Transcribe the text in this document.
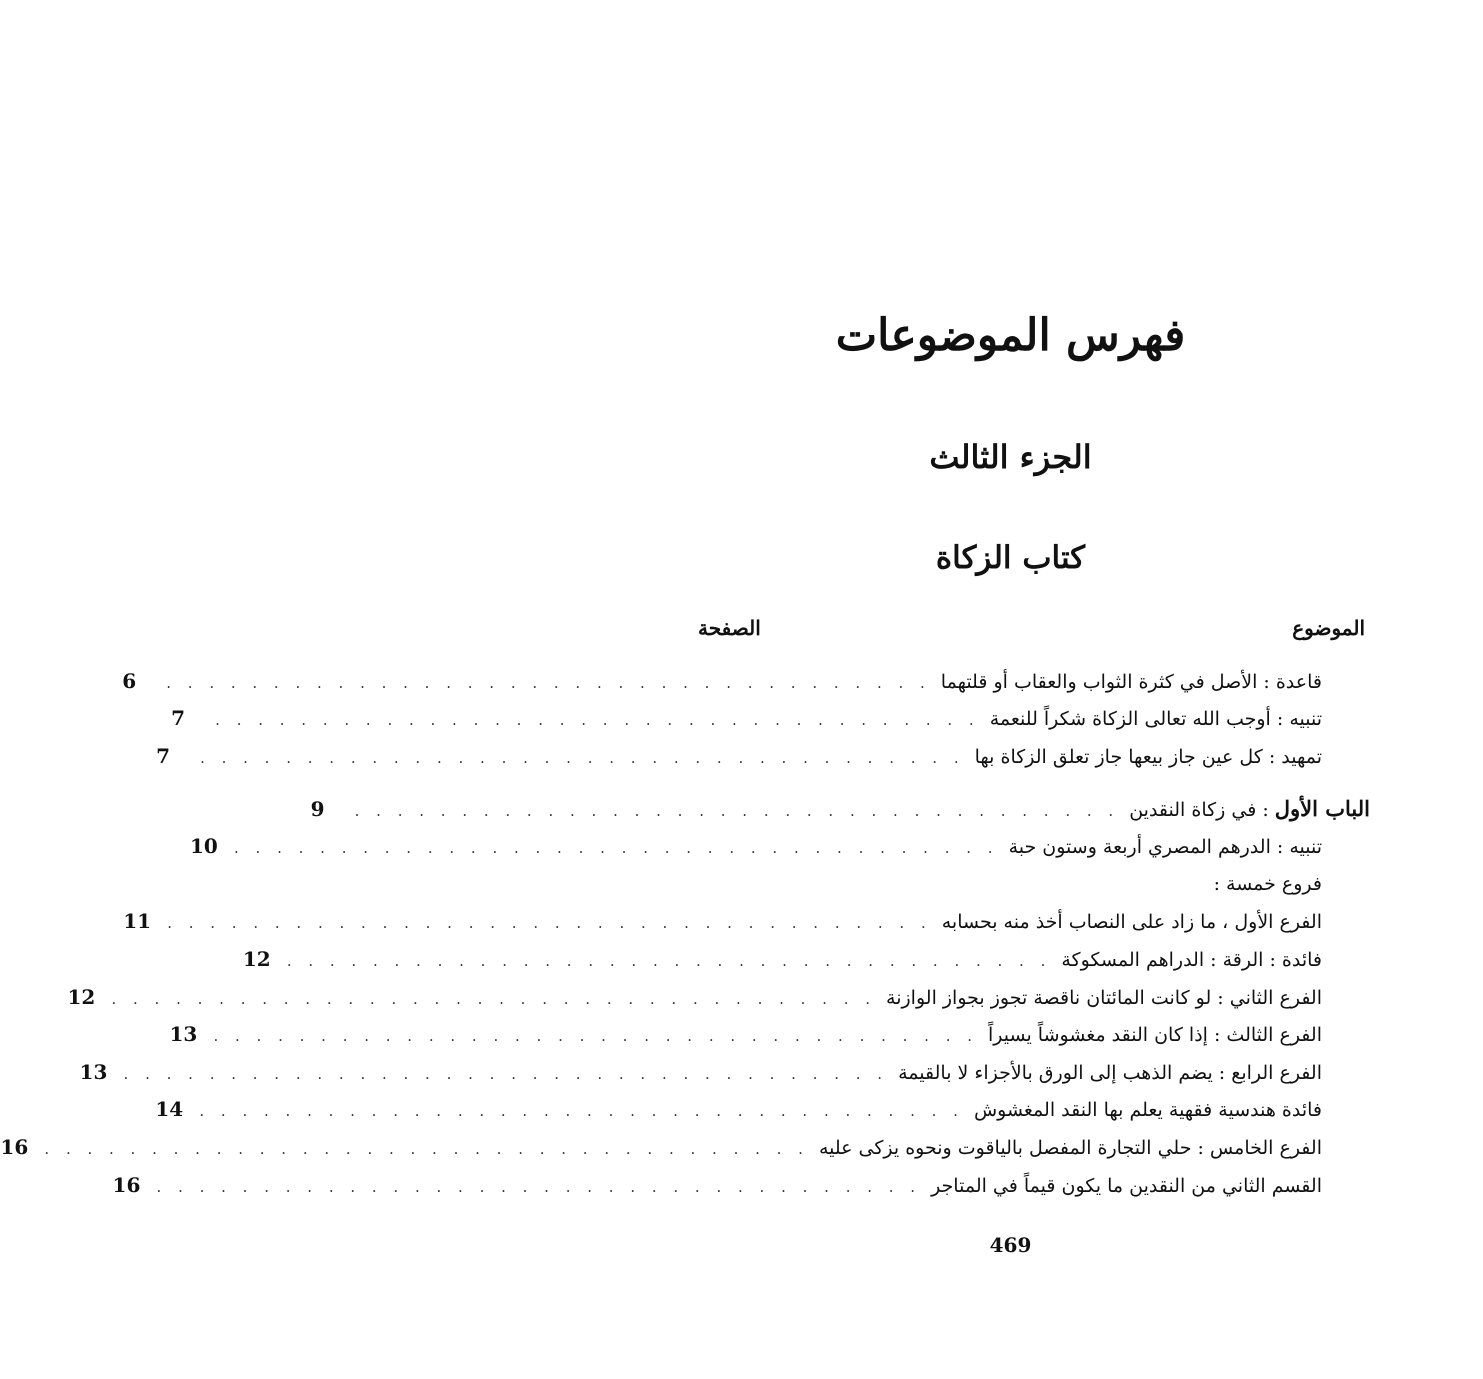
فهرس الموضوعات
الجزء الثالث
كتاب الزكاة
الموضوع
الصفحة
قاعدة : الأصل في كثرة الثواب والعقاب أو قلتهما
. . . . . . . . . . . . . . . . . . . . . . . . . . . . . . . . . . . .
6
تنبيه : أوجب الله تعالى الزكاة شكراً للنعمة
. . . . . . . . . . . . . . . . . . . . . . . . . . . . . . . . . . . .
7
تمهيد : كل عين جاز بيعها جاز تعلق الزكاة بها
. . . . . . . . . . . . . . . . . . . . . . . . . . . . . . . . . . . .
7
الباب الأول: في زكاة النقدين
. . . . . . . . . . . . . . . . . . . . . . . . . . . . . . . . . . . .
9
تنبيه : الدرهم المصري أربعة وستون حبة
. . . . . . . . . . . . . . . . . . . . . . . . . . . . . . . . . . . .
10
فروع خمسة :
الفرع الأول ، ما زاد على النصاب أخذ منه بحسابه
. . . . . . . . . . . . . . . . . . . . . . . . . . . . . . . . . . . .
11
فائدة : الرقة : الدراهم المسكوكة
. . . . . . . . . . . . . . . . . . . . . . . . . . . . . . . . . . . .
12
الفرع الثاني : لو كانت المائتان ناقصة تجوز بجواز الوازنة
. . . . . . . . . . . . . . . . . . . . . . . . . . . . . . . . . . . .
12
الفرع الثالث : إذا كان النقد مغشوشاً يسيراً
. . . . . . . . . . . . . . . . . . . . . . . . . . . . . . . . . . . .
13
الفرع الرابع : يضم الذهب إلى الورق بالأجزاء لا بالقيمة
. . . . . . . . . . . . . . . . . . . . . . . . . . . . . . . . . . . .
13
فائدة هندسية فقهية يعلم بها النقد المغشوش
. . . . . . . . . . . . . . . . . . . . . . . . . . . . . . . . . . . .
14
الفرع الخامس : حلي التجارة المفصل بالياقوت ونحوه يزكى عليه
. . . . . . . . . . . . . . . . . . . . . . . . . . . . . . . . . . . .
16
القسم الثاني من النقدين ما يكون قيماً في المتاجر
. . . . . . . . . . . . . . . . . . . . . . . . . . . . . . . . . . . .
16
469
